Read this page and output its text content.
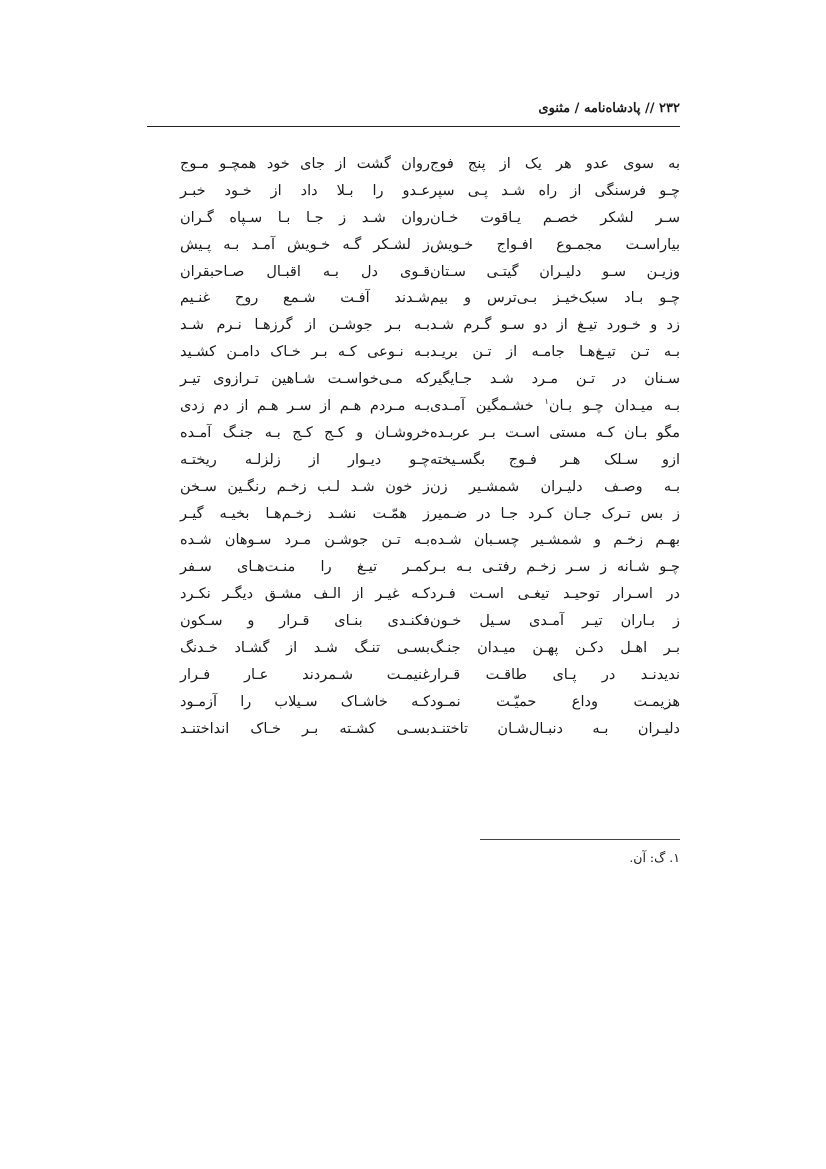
۲۳۲ // پادشاه‌نامه / مثنوی
به سوی عدو هر یک از پنج فوج
چـو فرسنگی از راه شـد پـی سپر
سـر لشکر خصـم یـاقوت خـان
بیاراسـت مجمـوع افـواج خـویش
وزیـن سـو دلیـران گیتـی سـتان
چـو بـاد سبک‌خیـز بـی‌ترس و بیم
زد و خـورد تیـغ از دو سـو گـرم شـد
بـه تـن تیـغ‌هـا جامـه از تـن بریـد
سـنان در تـن مـرد شـد جـایگیر
بـه میـدان چـو بـان$^۱$ خشـمگین آمـدی
مگو بـان کـه مستی اسـت بـر عربـده
ازو سـلک هـر فـوج بگسـیخته
بـه وصـف دلیـران شمشـیر زن
ز بس تـرک جـان کـرد جـا در ضـمیر
بهـم زخـم و شمشـیر چسـبان شـده
چـو شـانه ز سـر زخـم رفتـی بـه بـر
در اسـرار توحیـد تیغـی اسـت فـرد
ز بـاران تیـر آمـدی سـیل خـون
بـر اهـل دکـن پهـن میـدان جنـگ
ندیدنـد در پـای طاقـت قـرار
هزیمـت وداع حمیّـت نمـود
دلیـران بـه دنبـال‌شـان تاختنـد
روان گشت از جای خود همچـو مـوج
عـدو را بـلا داد از خـود خبـر
روان شـد ز جـا بـا سـپاه گـران
ز لشـکر گـه خـویش آمـد بـه پـیش
قـوی دل بـه اقبـال صـاحبقران
شـدند آفـت شـمع روح غنـیم
بـه بـر جوشـن از گرزهـا نـرم شـد
بـه نـوعی کـه بـر خـاک دامـن کشـید
که مـی‌خواسـت شـاهین تـرازوی تیـر
بـه مـردم هـم از سـر هـم از دم زدی
خروشـان و کـج کـج بـه جنـگ آمـده
چـو دیـوار از زلزلـه ریختـه
ز خون شـد لـب زخـم رنگـین سـخن
ز همّـت نشـد زخـم‌هـا بخیـه گیـر
بـه تـن جوشـن مـرد سـوهان شـده
کمـر تیـغ را منـت‌هـای سـفر
کـه غیـر از الـف مشـق دیگـر نکـرد
فکنـدی بنـای قـرار و سـکون
بسـی تنـگ شـد از گشـاد خـدنگ
غنیمـت شـمردند عـار فـرار
کـه خاشـاک سـیلاب را آزمـود
بسـی کشـته بـر خـاک انداختنـد
۱. گ: آن.
